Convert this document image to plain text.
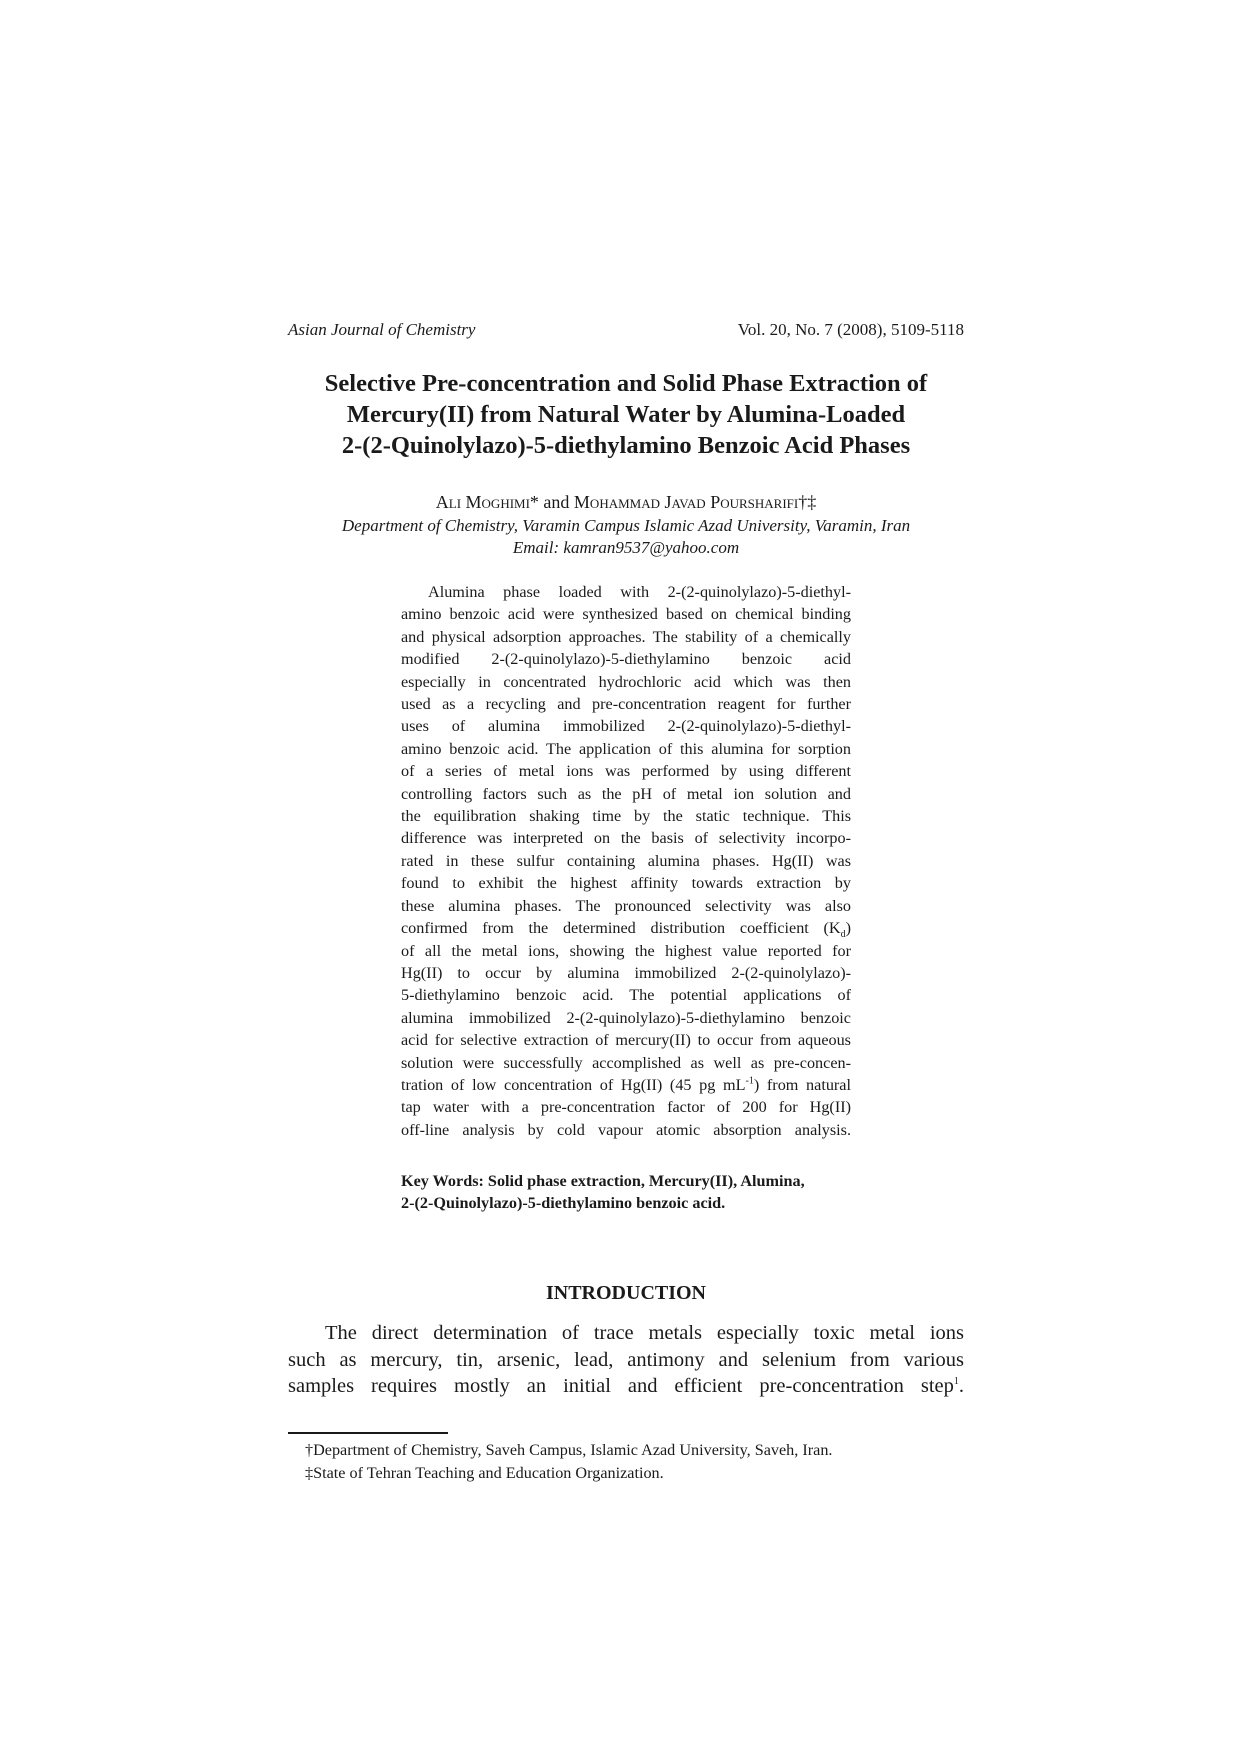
Asian Journal of Chemistry	Vol. 20, No. 7 (2008), 5109-5118
Selective Pre-concentration and Solid Phase Extraction of
Mercury(II) from Natural Water by Alumina-Loaded
2-(2-Quinolylazo)-5-diethylamino Benzoic Acid Phases
Ali Moghimi* and Mohammad Javad Poursharifi†‡
Department of Chemistry, Varamin Campus Islamic Azad University, Varamin, Iran
Email: kamran9537@yahoo.com
Alumina phase loaded with 2-(2-quinolylazo)-5-diethyl-
amino benzoic acid were synthesized based on chemical binding
and physical adsorption approaches. The stability of a chemically
modified 2-(2-quinolylazo)-5-diethylamino benzoic acid
especially in concentrated hydrochloric acid which was then
used as a recycling and pre-concentration reagent for further
uses of alumina immobilized 2-(2-quinolylazo)-5-diethyl-
amino benzoic acid. The application of this alumina for sorption
of a series of metal ions was performed by using different
controlling factors such as the pH of metal ion solution and
the equilibration shaking time by the static technique. This
difference was interpreted on the basis of selectivity incorpo-
rated in these sulfur containing alumina phases. Hg(II) was
found to exhibit the highest affinity towards extraction by
these alumina phases. The pronounced selectivity was also
confirmed from the determined distribution coefficient $(K_d)$
of all the metal ions, showing the highest value reported for
Hg(II) to occur by alumina immobilized 2-(2-quinolylazo)-
5-diethylamino benzoic acid. The potential applications of
alumina immobilized 2-(2-quinolylazo)-5-diethylamino benzoic
acid for selective extraction of mercury(II) to occur from aqueous
solution were successfully accomplished as well as pre-concen-
tration of low concentration of Hg(II) (45 pg $mL^{-1}$) from natural
tap water with a pre-concentration factor of 200 for Hg(II)
off-line analysis by cold vapour atomic absorption analysis.
Key Words: Solid phase extraction, Mercury(II), Alumina,
2-(2-Quinolylazo)-5-diethylamino benzoic acid.
INTRODUCTION
The direct determination of trace metals especially toxic metal ions
such as mercury, tin, arsenic, lead, antimony and selenium from various
samples requires mostly an initial and efficient pre-concentration step$^1$.
†Department of Chemistry, Saveh Campus, Islamic Azad University, Saveh, Iran.
‡State of Tehran Teaching and Education Organization.
